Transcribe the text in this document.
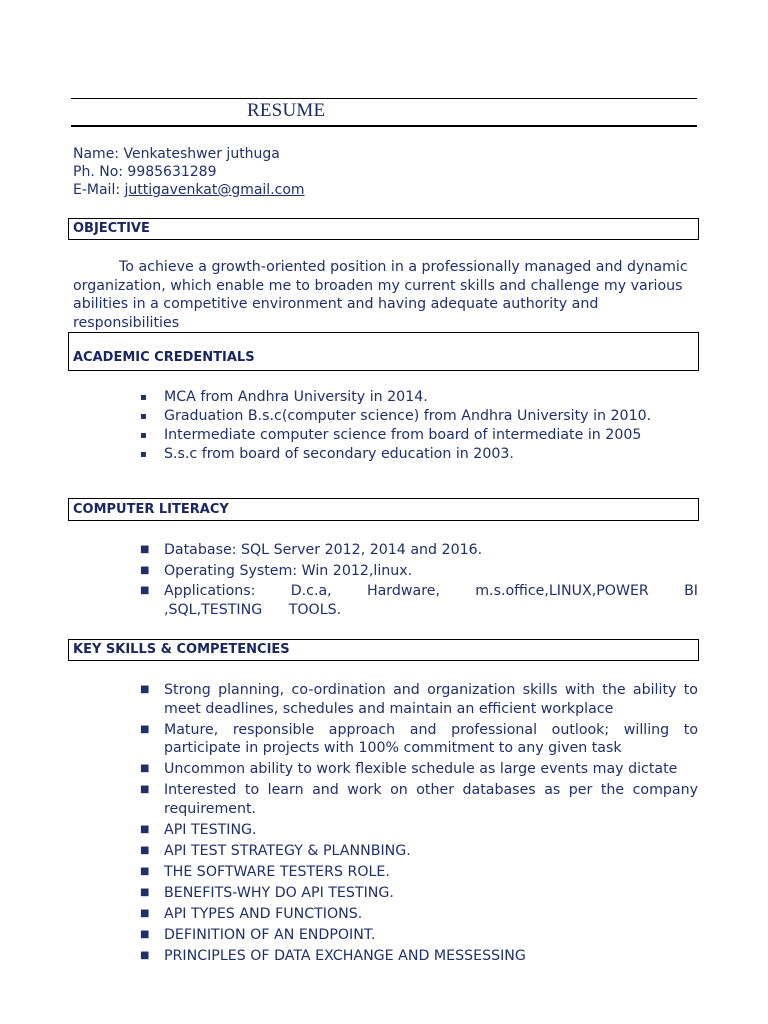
RESUME
Name: Venkateshwer juthuga
Ph. No: 9985631289
E-Mail: juttigavenkat@gmail.com
OBJECTIVE
To achieve a growth-oriented position in a professionally managed and dynamic organization, which enable me to broaden my current skills and challenge my various abilities in a competitive environment and having adequate authority and responsibilities
ACADEMIC CREDENTIALS
▪ MCA from Andhra University in 2014.
▪ Graduation B.s.c(computer science) from Andhra University in 2010.
▪ Intermediate computer science from board of intermediate in 2005
▪ S.s.c from board of secondary education in 2003.
COMPUTER LITERACY
■ Database: SQL Server 2012, 2014 and 2016.
■ Operating System: Win 2012,linux.
■ Applications: D.c.a, Hardware, m.s.office,LINUX,POWER BI ,SQL,TESTING TOOLS.
KEY SKILLS & COMPETENCIES
■ Strong planning, co-ordination and organization skills with the ability to meet deadlines, schedules and maintain an efficient workplace
■ Mature, responsible approach and professional outlook; willing to participate in projects with 100% commitment to any given task
■ Uncommon ability to work flexible schedule as large events may dictate
■ Interested to learn and work on other databases as per the company requirement.
■ API TESTING.
■ API TEST STRATEGY & PLANNBING.
■ THE SOFTWARE TESTERS ROLE.
■ BENEFITS-WHY DO API TESTING.
■ API TYPES AND FUNCTIONS.
■ DEFINITION OF AN ENDPOINT.
■ PRINCIPLES OF DATA EXCHANGE AND MESSESSING
